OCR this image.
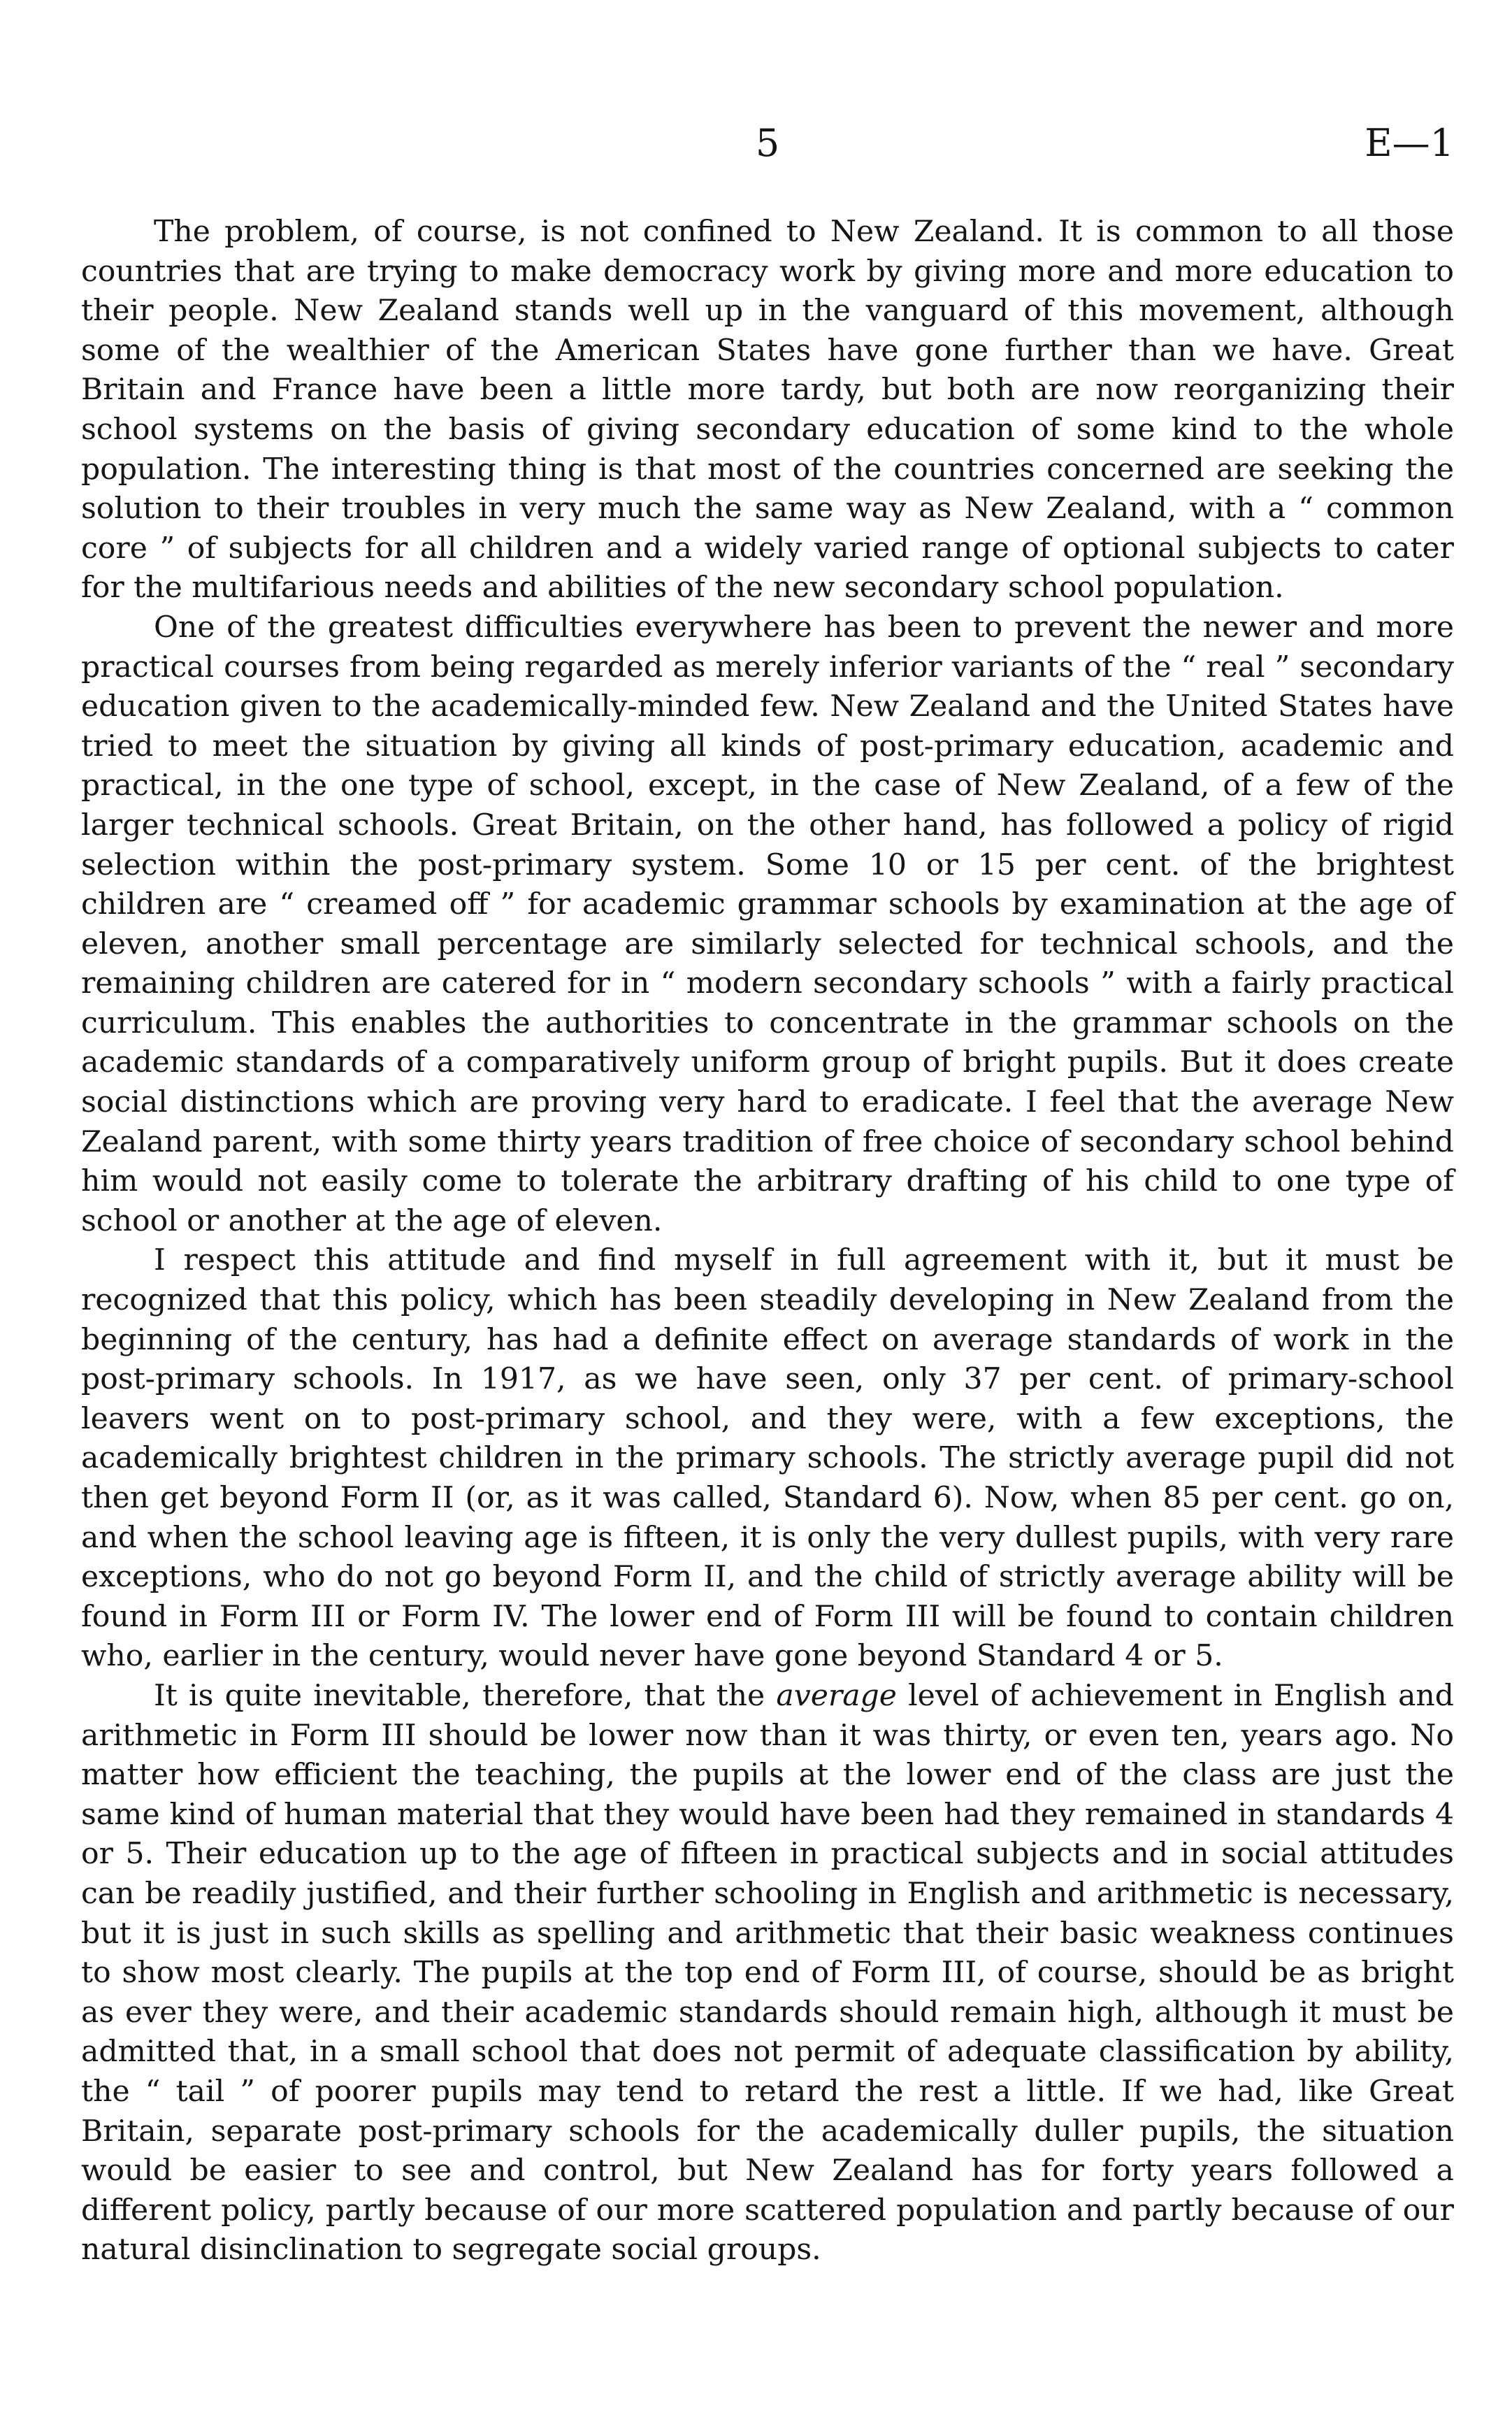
5	E—1

The problem, of course, is not confined to New Zealand. It is common to all those countries that are trying to make democracy work by giving more and more education to their people. New Zealand stands well up in the vanguard of this movement, although some of the wealthier of the American States have gone further than we have. Great Britain and France have been a little more tardy, but both are now reorganizing their school systems on the basis of giving secondary education of some kind to the whole population. The interesting thing is that most of the countries concerned are seeking the solution to their troubles in very much the same way as New Zealand, with a “ common core ” of subjects for all children and a widely varied range of optional subjects to cater for the multifarious needs and abilities of the new secondary school population.

One of the greatest difficulties everywhere has been to prevent the newer and more practical courses from being regarded as merely inferior variants of the “ real ” secondary education given to the academically-minded few. New Zealand and the United States have tried to meet the situation by giving all kinds of post-primary education, academic and practical, in the one type of school, except, in the case of New Zealand, of a few of the larger technical schools. Great Britain, on the other hand, has followed a policy of rigid selection within the post-primary system. Some 10 or 15 per cent. of the brightest children are “ creamed off ” for academic grammar schools by examination at the age of eleven, another small percentage are similarly selected for technical schools, and the remaining children are catered for in “ modern secondary schools ” with a fairly practical curriculum. This enables the authorities to concentrate in the grammar schools on the academic standards of a comparatively uniform group of bright pupils. But it does create social distinctions which are proving very hard to eradicate. I feel that the average New Zealand parent, with some thirty years tradition of free choice of secondary school behind him would not easily come to tolerate the arbitrary drafting of his child to one type of school or another at the age of eleven.

I respect this attitude and find myself in full agreement with it, but it must be recognized that this policy, which has been steadily developing in New Zealand from the beginning of the century, has had a definite effect on average standards of work in the post-primary schools. In 1917, as we have seen, only 37 per cent. of primary-school leavers went on to post-primary school, and they were, with a few exceptions, the academically brightest children in the primary schools. The strictly average pupil did not then get beyond Form II (or, as it was called, Standard 6). Now, when 85 per cent. go on, and when the school leaving age is fifteen, it is only the very dullest pupils, with very rare exceptions, who do not go beyond Form II, and the child of strictly average ability will be found in Form III or Form IV. The lower end of Form III will be found to contain children who, earlier in the century, would never have gone beyond Standard 4 or 5.

It is quite inevitable, therefore, that the average level of achievement in English and arithmetic in Form III should be lower now than it was thirty, or even ten, years ago. No matter how efficient the teaching, the pupils at the lower end of the class are just the same kind of human material that they would have been had they remained in standards 4 or 5. Their education up to the age of fifteen in practical subjects and in social attitudes can be readily justified, and their further schooling in English and arithmetic is necessary, but it is just in such skills as spelling and arithmetic that their basic weakness continues to show most clearly. The pupils at the top end of Form III, of course, should be as bright as ever they were, and their academic standards should remain high, although it must be admitted that, in a small school that does not permit of adequate classification by ability, the “ tail ” of poorer pupils may tend to retard the rest a little. If we had, like Great Britain, separate post-primary schools for the academically duller pupils, the situation would be easier to see and control, but New Zealand has for forty years followed a different policy, partly because of our more scattered population and partly because of our natural disinclination to segregate social groups.
